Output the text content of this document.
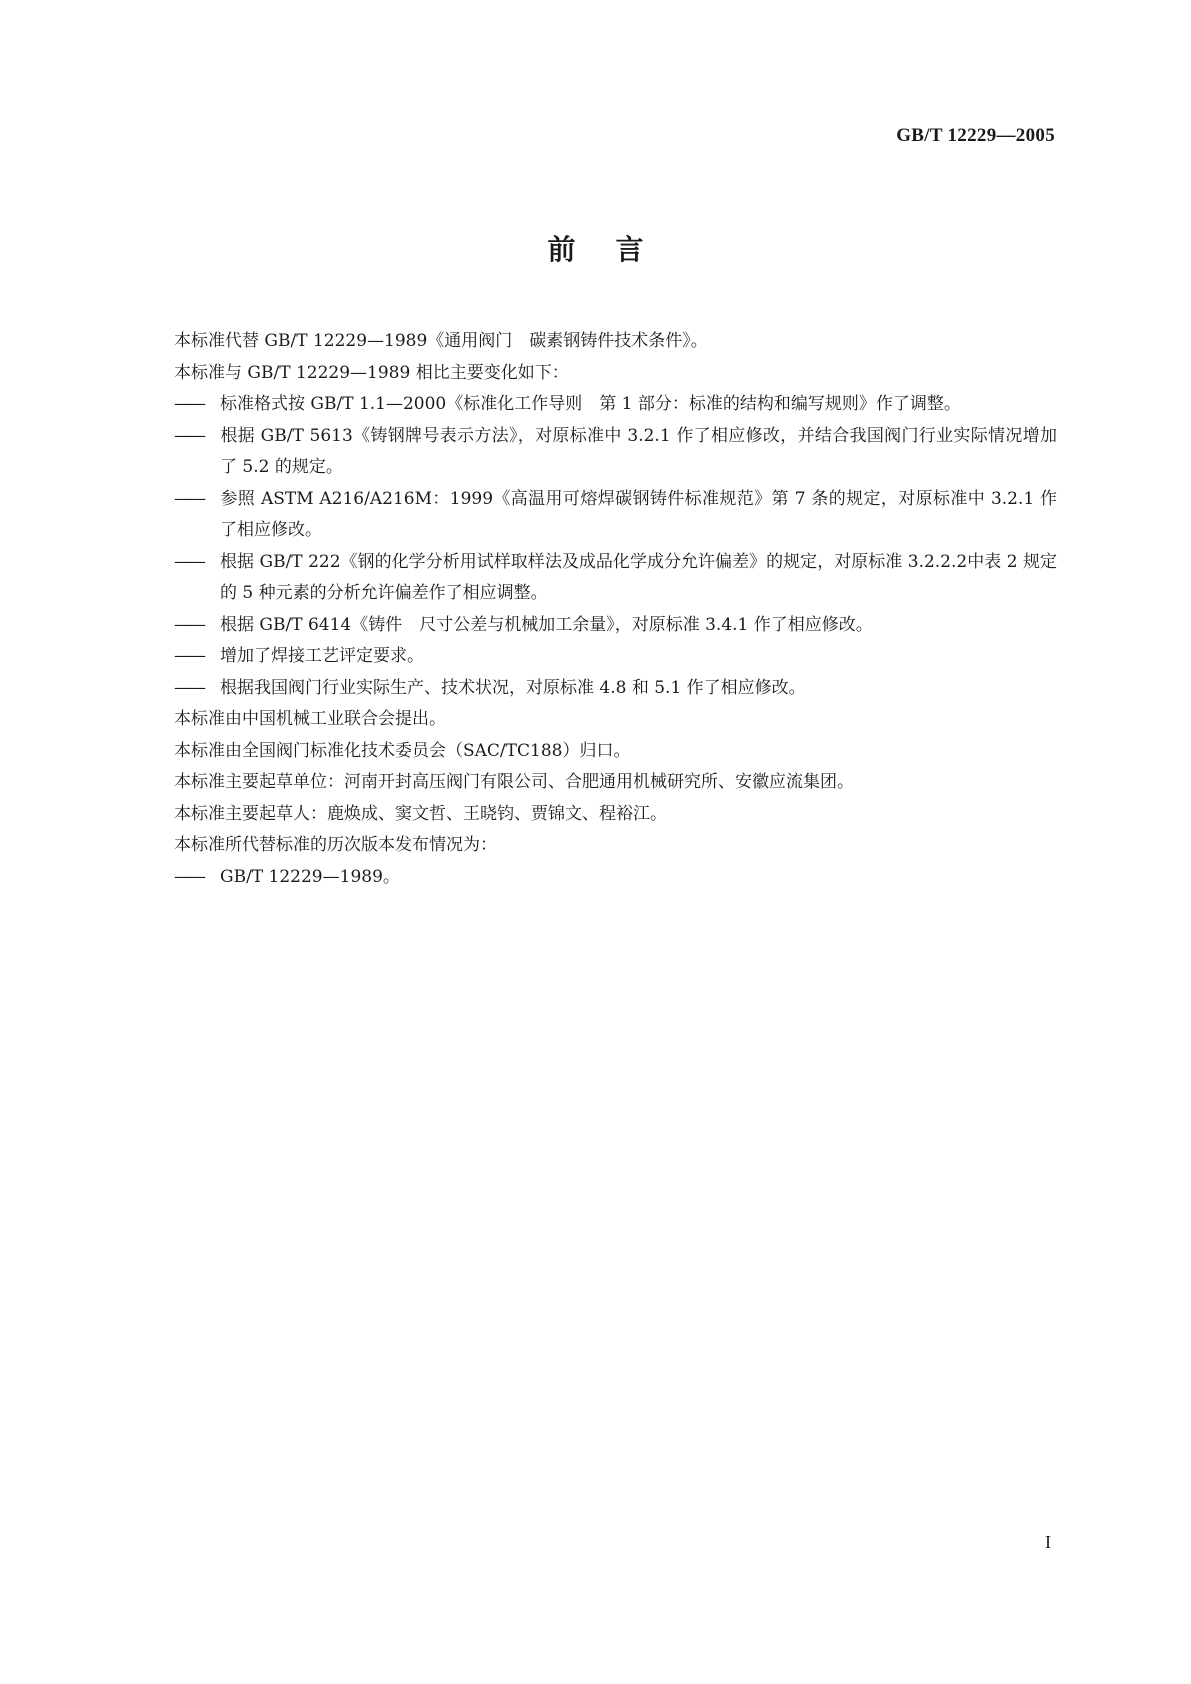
GB/T 12229—2005
前言

本标准代替 GB/T 12229—1989《通用阀门　碳素钢铸件技术条件》。

本标准与 GB/T 12229—1989 相比主要变化如下：

—— 标准格式按 GB/T 1.1—2000《标准化工作导则　第 1 部分：标准的结构和编写规则》作了调整。

—— 根据 GB/T 5613《铸钢牌号表示方法》，对原标准中 3.2.1 作了相应修改，并结合我国阀门行业实际情况增加了 5.2 的规定。

—— 参照 ASTM A216/A216M：1999《高温用可熔焊碳钢铸件标准规范》第 7 条的规定，对原标准中 3.2.1 作了相应修改。

—— 根据 GB/T 222《钢的化学分析用试样取样法及成品化学成分允许偏差》的规定，对原标准 3.2.2.2中表 2 规定的 5 种元素的分析允许偏差作了相应调整。

—— 根据 GB/T 6414《铸件　尺寸公差与机械加工余量》，对原标准 3.4.1 作了相应修改。

—— 增加了焊接工艺评定要求。

—— 根据我国阀门行业实际生产、技术状况，对原标准 4.8 和 5.1 作了相应修改。

本标准由中国机械工业联合会提出。

本标准由全国阀门标准化技术委员会（SAC/TC188）归口。

本标准主要起草单位：河南开封高压阀门有限公司、合肥通用机械研究所、安徽应流集团。

本标准主要起草人：鹿焕成、窦文哲、王晓钧、贾锦文、程裕江。

本标准所代替标准的历次版本发布情况为：

—— GB/T 12229—1989。

I
